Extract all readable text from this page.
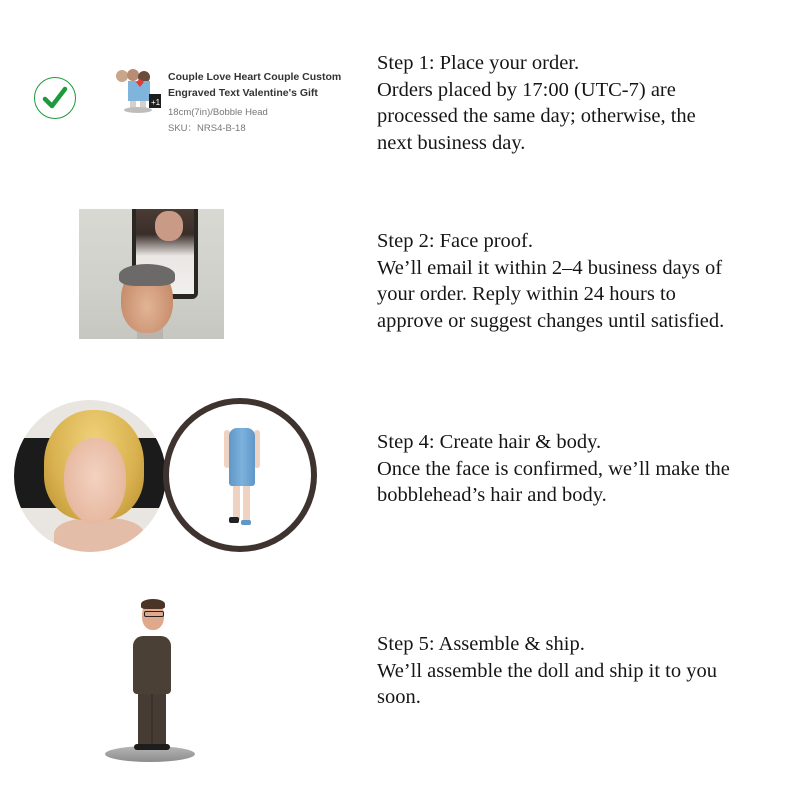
+1
Couple Love Heart Couple Custom
Engraved Text Valentine's Gift
18cm(7in)/Bobble Head
SKU：NRS4-B-18
Step 1: Place your order.
Orders placed by 17:00 (UTC-7) are
processed the same day; otherwise, the
next business day.
Step 2: Face proof.
We’ll email it within 2–4 business days of
your order. Reply within 24 hours to
approve or suggest changes until satisfied.
Step 4: Create hair & body.
Once the face is confirmed, we’ll make the
bobblehead’s hair and body.
Step 5: Assemble & ship.
We’ll assemble the doll and ship it to you
soon.
